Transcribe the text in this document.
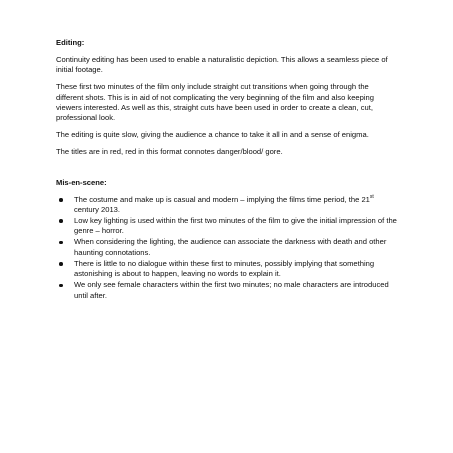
Editing:

Continuity editing has been used to enable a naturalistic depiction. This allows a seamless piece of initial footage.

These first two minutes of the film only include straight cut transitions when going through the different shots. This is in aid of not complicating the very beginning of the film and also keeping viewers interested. As well as this, straight cuts have been used in order to create a clean, cut, professional look.

The editing is quite slow, giving the audience a chance to take it all in and a sense of enigma.

The titles are in red, red in this format connotes danger/blood/ gore.

Mis-en-scene:
The costume and make up is casual and modern – implying the films time period, the 21st century 2013.
Low key lighting is used within the first two minutes of the film to give the initial impression of the genre – horror.
When considering the lighting, the audience can associate the darkness with death and other haunting connotations.
There is little to no dialogue within these first to minutes, possibly implying that something astonishing is about to happen, leaving no words to explain it.
We only see female characters within the first two minutes; no male characters are introduced until after.
